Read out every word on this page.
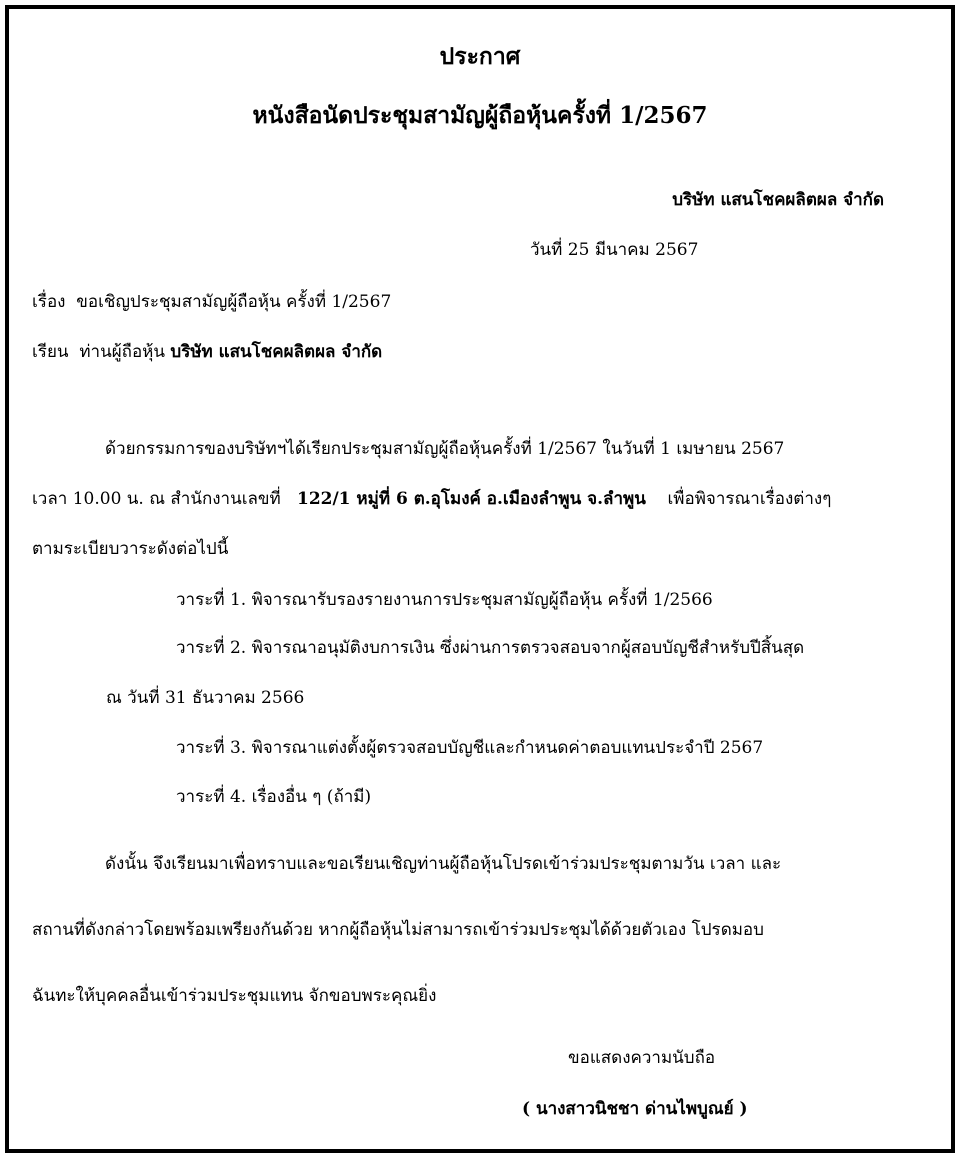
ประกาศ
หนังสือนัดประชุมสามัญผู้ถือหุ้นครั้งที่ 1/2567
บริษัท แสนโชคผลิตผล จำกัด
วันที่ 25 มีนาคม 2567
เรื่อง ขอเชิญประชุมสามัญผู้ถือหุ้น ครั้งที่ 1/2567
เรียน ท่านผู้ถือหุ้น บริษัท แสนโชคผลิตผล จำกัด
ด้วยกรรมการของบริษัทฯได้เรียกประชุมสามัญผู้ถือหุ้นครั้งที่ 1/2567 ในวันที่ 1 เมษายน 2567
เวลา 10.00 น. ณ สำนักงานเลขที่ 122/1 หมู่ที่ 6 ต.อุโมงค์ อ.เมืองลำพูน จ.ลำพูน เพื่อพิจารณาเรื่องต่างๆ
ตามระเบียบวาระดังต่อไปนี้
วาระที่ 1. พิจารณารับรองรายงานการประชุมสามัญผู้ถือหุ้น ครั้งที่ 1/2566
วาระที่ 2. พิจารณาอนุมัติงบการเงิน ซึ่งผ่านการตรวจสอบจากผู้สอบบัญชีสำหรับปีสิ้นสุด
ณ วันที่ 31 ธันวาคม 2566
วาระที่ 3. พิจารณาแต่งตั้งผู้ตรวจสอบบัญชีและกำหนดค่าตอบแทนประจำปี 2567
วาระที่ 4. เรื่องอื่น ๆ (ถ้ามี)
ดังนั้น จึงเรียนมาเพื่อทราบและขอเรียนเชิญท่านผู้ถือหุ้นโปรดเข้าร่วมประชุมตามวัน เวลา และ
สถานที่ดังกล่าวโดยพร้อมเพรียงกันด้วย หากผู้ถือหุ้นไม่สามารถเข้าร่วมประชุมได้ด้วยตัวเอง โปรดมอบ
ฉันทะให้บุคคลอื่นเข้าร่วมประชุมแทน จักขอบพระคุณยิ่ง
ขอแสดงความนับถือ
( นางสาวนิชชา ด่านไพบูณย์ )
